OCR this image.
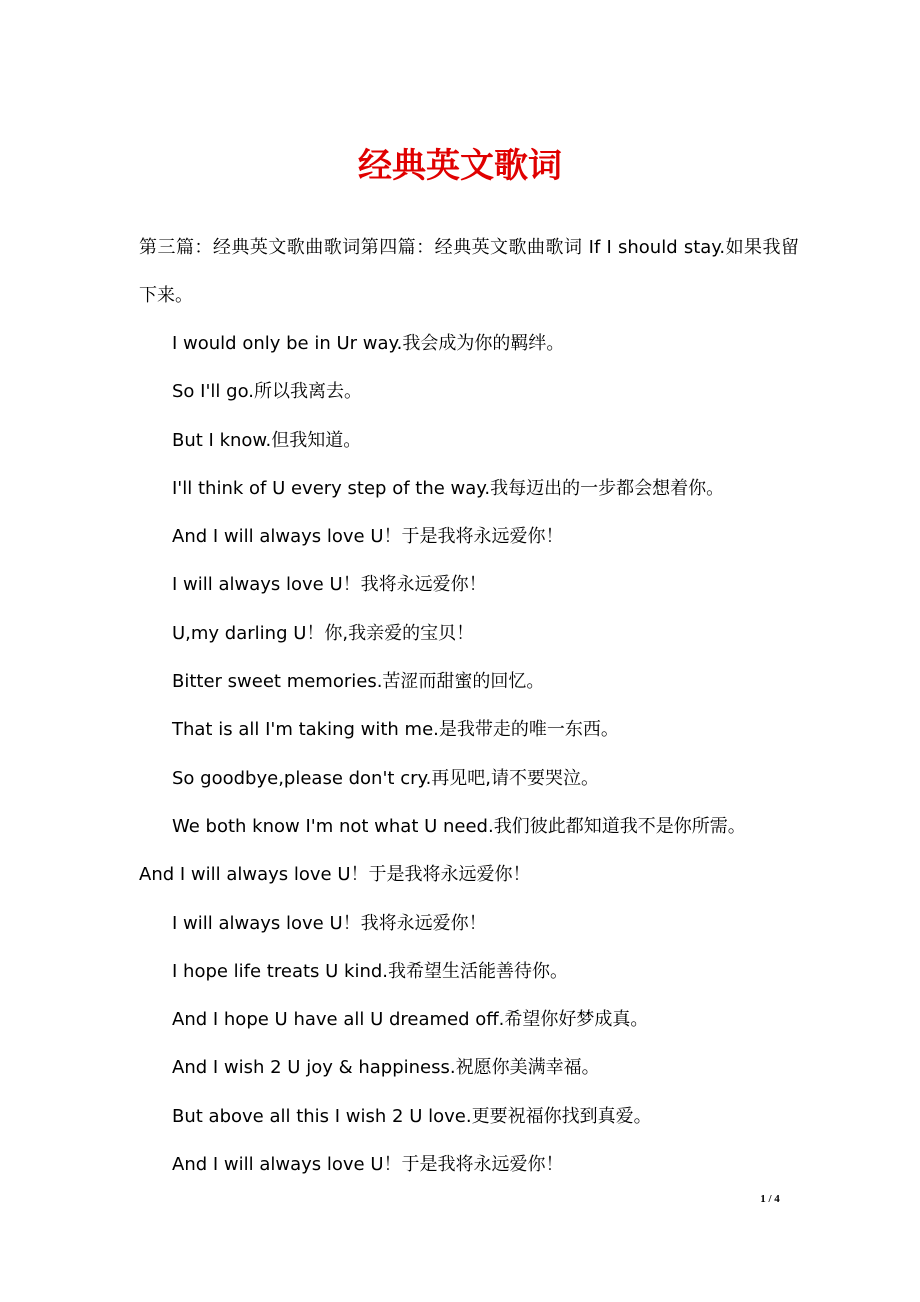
经典英文歌词

第三篇：经典英文歌曲歌词第四篇：经典英文歌曲歌词 If I should stay.如果我留下来。

I would only be in Ur way.我会成为你的羁绊。

So I'll go.所以我离去。

But I know.但我知道。

I'll think of U every step of the way.我每迈出的一步都会想着你。

And I will always love U！于是我将永远爱你！

I will always love U！我将永远爱你！

U,my darling U！你,我亲爱的宝贝！

Bitter sweet memories.苦涩而甜蜜的回忆。

That is all I'm taking with me.是我带走的唯一东西。

So goodbye,please don't cry.再见吧,请不要哭泣。

We both know I'm not what U need.我们彼此都知道我不是你所需。

And I will always love U！于是我将永远爱你！

I will always love U！我将永远爱你！

I hope life treats U kind.我希望生活能善待你。

And I hope U have all U dreamed off.希望你好梦成真。

And I wish 2 U joy & happiness.祝愿你美满幸福。

But above all this I wish 2 U love.更要祝福你找到真爱。

And I will always love U！于是我将永远爱你！

1 / 4
